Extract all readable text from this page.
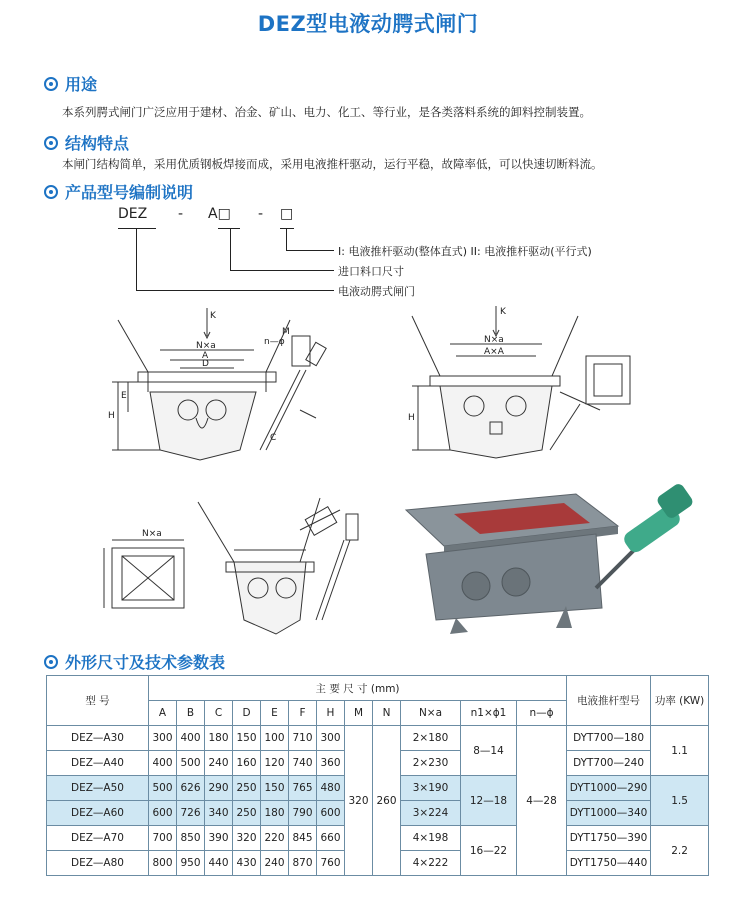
DEZ型电液动腭式闸门
用途
本系列腭式闸门广泛应用于建材、冶金、矿山、电力、化工、等行业，是各类落料系统的卸料控制装置。
结构特点
本闸门结构简单，采用优质钢板焊接而成，采用电液推杆驱动，运行平稳，故障率低，可以快速切断料流。
产品型号编制说明
DEZ - A□ - □
I: 电液推杆驱动(整体直式) II: 电液推杆驱动(平行式)
进口料口尺寸
电液动腭式闸门
K
N×a
A
D
H
E
n—φ
M
C
K
N×a
A×A
H
N×a
外形尺寸及技术参数表
型 号	主 要 尺 寸 (mm)												电液推杆型号	功率 (KW)
	A	B	C	D	E	F	H	M	N	N×a	n1×ϕ1	n—ϕ		
DEZ—A30	300	400	180	150	100	710	300	320	260	2×180	8—14	4—28	DYT700—180	1.1
DEZ—A40	400	500	240	160	120	740	360			2×230			DYT700—240	
DEZ—A50	500	626	290	250	150	765	480			3×190	12—18		DYT1000—290	1.5
DEZ—A60	600	726	340	250	180	790	600			3×224			DYT1000—340	
DEZ—A70	700	850	390	320	220	845	660			4×198	16—22		DYT1750—390	2.2
DEZ—A80	800	950	440	430	240	870	760			4×222			DYT1750—440	
